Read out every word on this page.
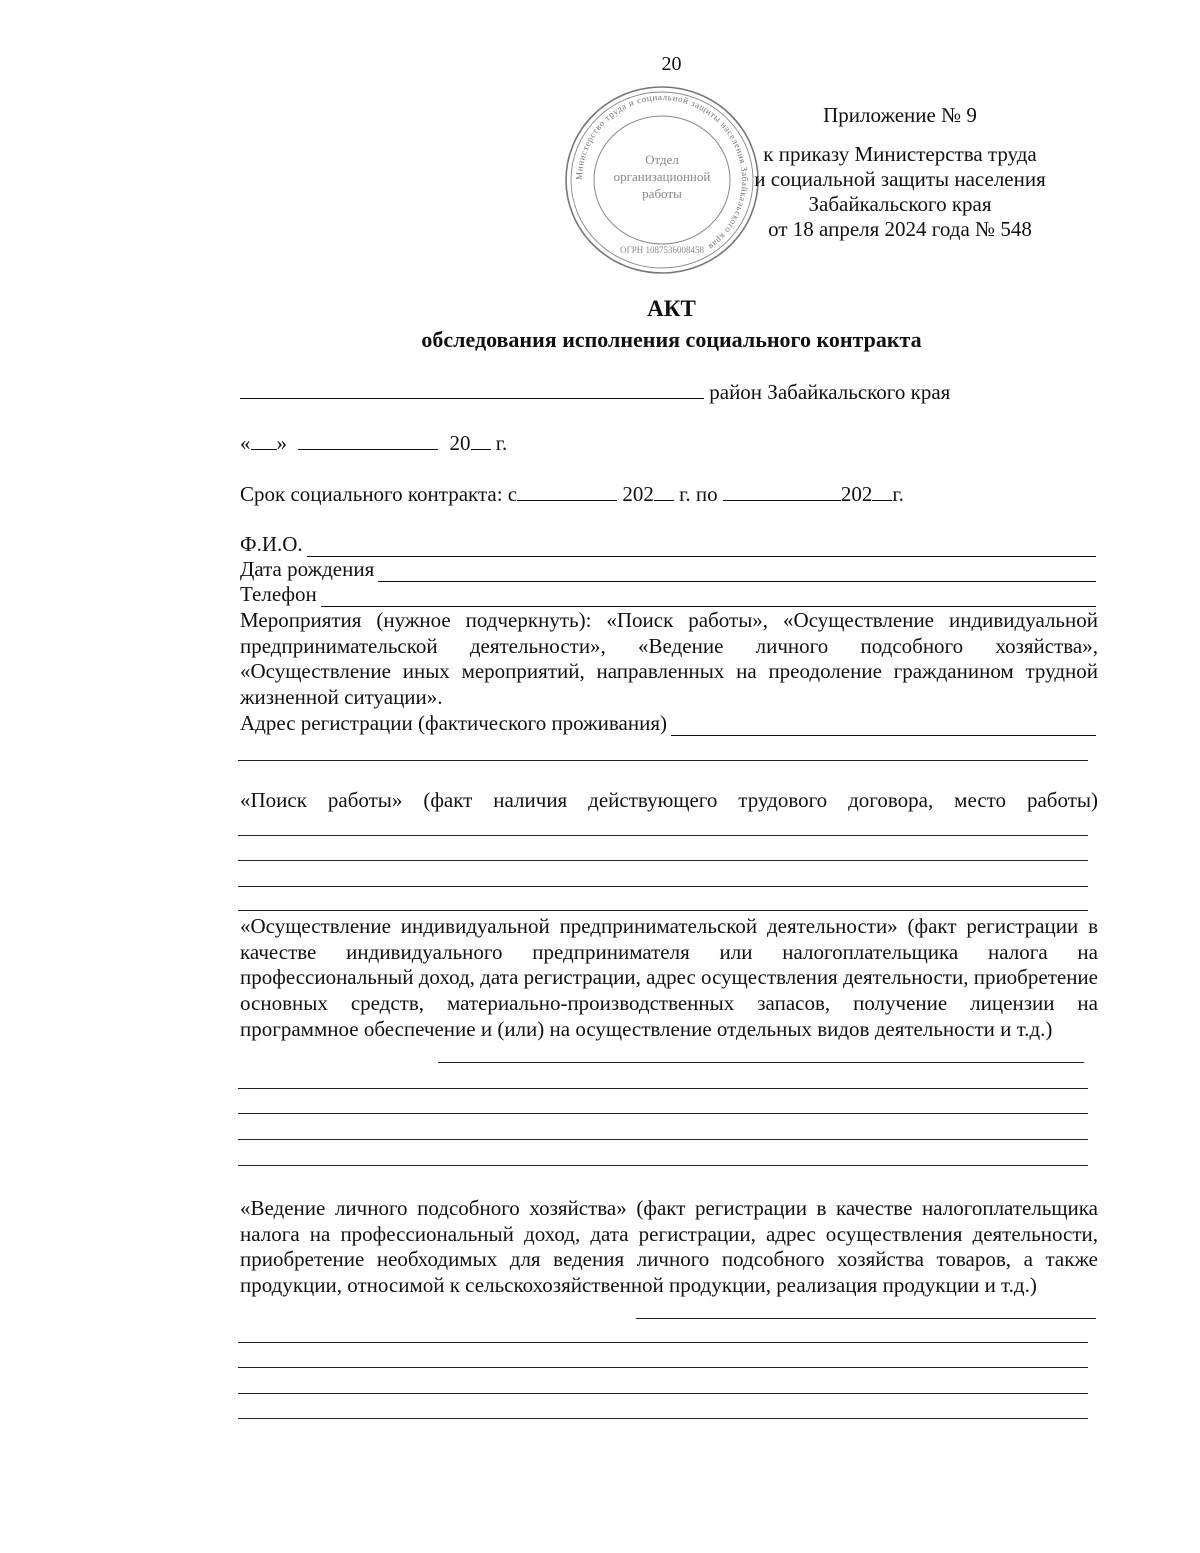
20
Министерство труда и социальной защиты населения Забайкальского края
Отдел
организационной
работы
ОГРН 1087536008458
Приложение № 9
к приказу Министерства труда
и социальной защиты населения
Забайкальского края
от 18 апреля 2024 года № 548
АКТ
обследования исполнения социального контракта
район Забайкальского края
« »	20 г.
Срок социального контракта: с	202 г. по	202 г.
Ф.И.О.
Дата рождения
Телефон
Мероприятия (нужное подчеркнуть): «Поиск работы», «Осуществление индивидуальной предпринимательской деятельности», «Ведение личного подсобного хозяйства», «Осуществление иных мероприятий, направленных на преодоление гражданином трудной жизненной ситуации».
Адрес регистрации (фактического проживания)
«Поиск работы» (факт наличия действующего трудового договора, место работы)
«Осуществление индивидуальной предпринимательской деятельности» (факт регистрации в качестве индивидуального предпринимателя или налогоплательщика налога на профессиональный доход, дата регистрации, адрес осуществления деятельности, приобретение основных средств, материально-производственных запасов, получение лицензии на программное обеспечение и (или) на осуществление отдельных видов деятельности и т.д.)
«Ведение личного подсобного хозяйства» (факт регистрации в качестве налогоплательщика налога на профессиональный доход, дата регистрации, адрес осуществления деятельности, приобретение необходимых для ведения личного подсобного хозяйства товаров, а также продукции, относимой к сельскохозяйственной продукции, реализация продукции и т.д.)
